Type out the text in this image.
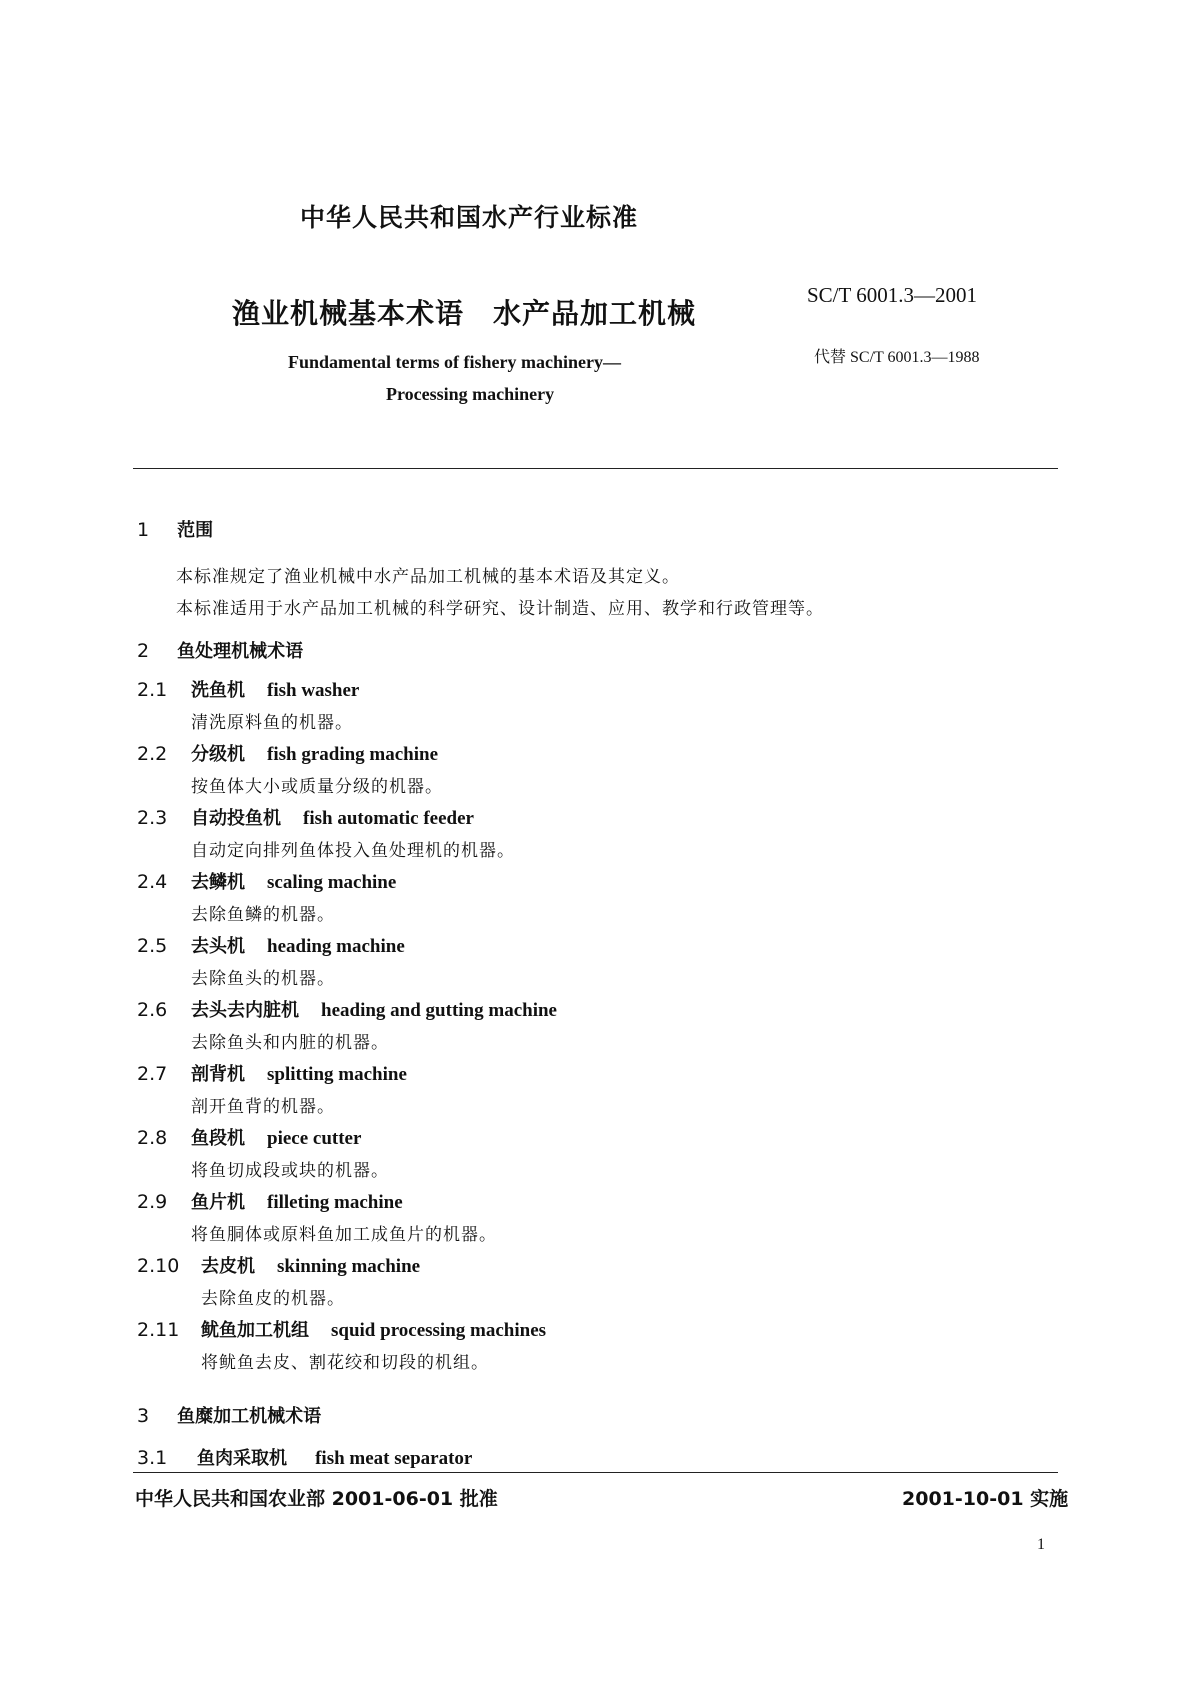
中华人民共和国水产行业标准
渔业机械基本术语　水产品加工机械
SC/T 6001.3—2001
Fundamental terms of fishery machinery—	代替 SC/T 6001.3—1988
Processing machinery
1 范围
本标准规定了渔业机械中水产品加工机械的基本术语及其定义。
本标准适用于水产品加工机械的科学研究、设计制造、应用、教学和行政管理等。
2 鱼处理机械术语
2.1 洗鱼机 fish washer
清洗原料鱼的机器。
2.2 分级机 fish grading machine
按鱼体大小或质量分级的机器。
2.3 自动投鱼机 fish automatic feeder
自动定向排列鱼体投入鱼处理机的机器。
2.4 去鳞机 scaling machine
去除鱼鳞的机器。
2.5 去头机 heading machine
去除鱼头的机器。
2.6 去头去内脏机 heading and gutting machine
去除鱼头和内脏的机器。
2.7 剖背机 splitting machine
剖开鱼背的机器。
2.8 鱼段机 piece cutter
将鱼切成段或块的机器。
2.9 鱼片机 filleting machine
将鱼胴体或原料鱼加工成鱼片的机器。
2.10 去皮机 skinning machine
去除鱼皮的机器。
2.11 鱿鱼加工机组 squid processing machines
将鱿鱼去皮、割花绞和切段的机组。
3 鱼糜加工机械术语
3.1 鱼肉采取机 fish meat separator
中华人民共和国农业部 2001-06-01 批准	2001-10-01 实施
1
